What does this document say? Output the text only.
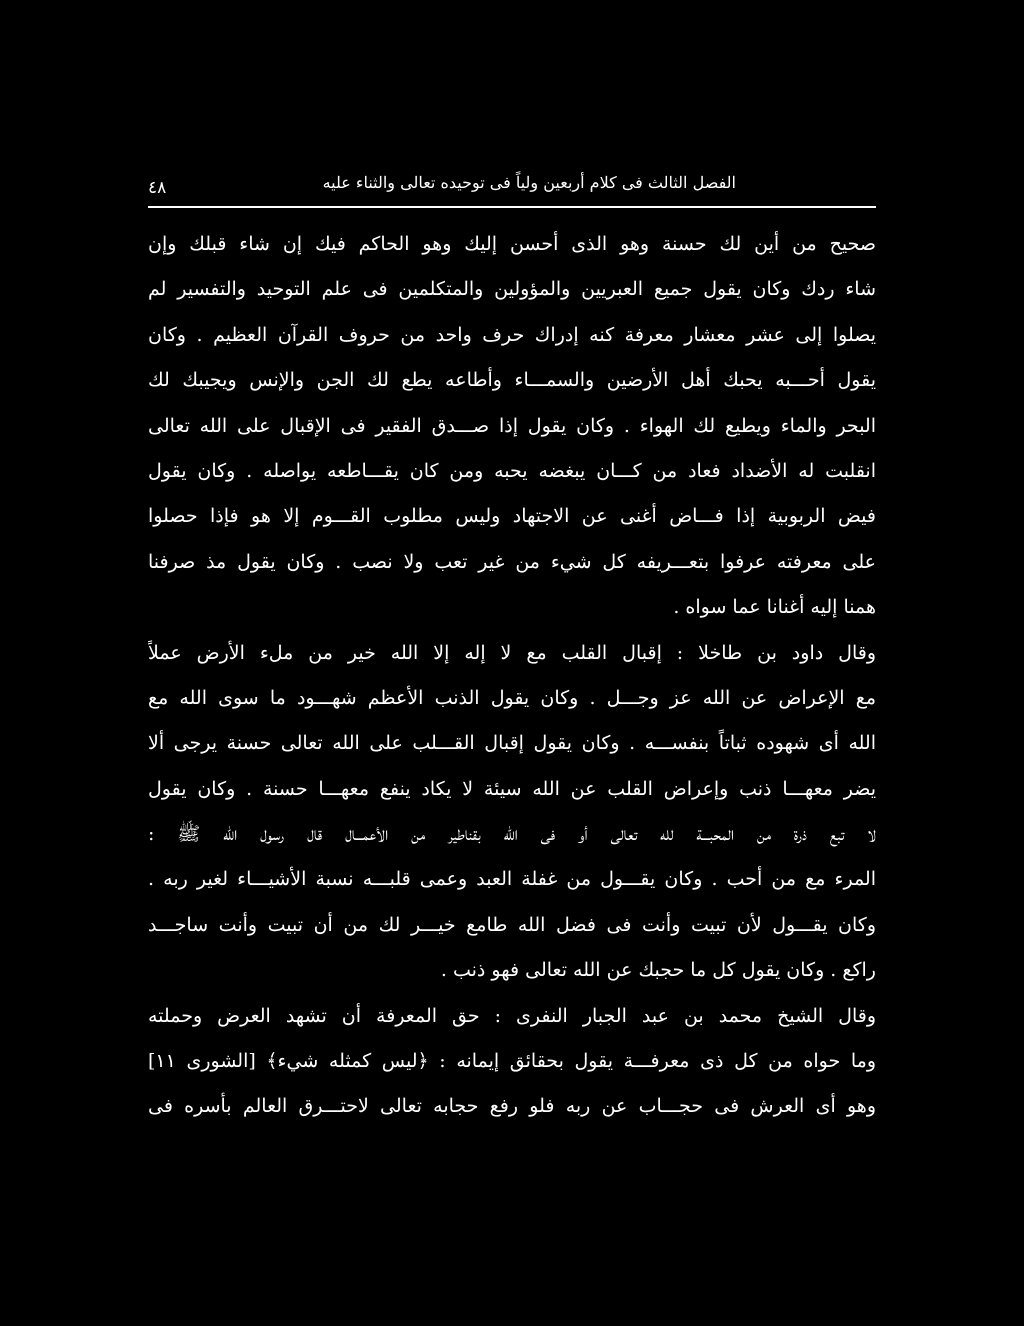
الفصل الثالث فى كلام أربعين ولياً فى توحيده تعالى والثناء عليه
٤٨
صحيح من أين لك حسنة وهو الذى أحسن إليك وهو الحاكم فيك إن شاء قبلك وإن
شاء ردك وكان يقول جميع العبريين والمؤولين والمتكلمين فى علم التوحيد والتفسير لم
يصلوا إلى عشر معشار معرفة كنه إدراك حرف واحد من حروف القرآن العظيم . وكان
يقول أحـــبه يحبك أهل الأرضين والسمـــاء وأطاعه يطع لك الجن والإنس ويجيبك لك
البحر والماء ويطيع لك الهواء . وكان يقول إذا صـــدق الفقير فى الإقبال على الله تعالى
انقلبت له الأضداد فعاد من كـــان يبغضه يحبه ومن كان يقـــاطعه يواصله . وكان يقول
فيض الربوبية إذا فـــاض أغنى عن الاجتهاد وليس مطلوب القـــوم إلا هو فإذا حصلوا
على معرفته عرفوا بتعـــريفه كل شيء من غير تعب ولا نصب . وكان يقول مذ صرفنا
همنا إليه أغنانا عما سواه .
وقال داود بن طاخلا : إقبال القلب مع لا إله إلا الله خير من ملء الأرض عملاً
مع الإعراض عن الله عز وجـــل . وكان يقول الذنب الأعظم شهـــود ما سوى الله مع
الله أى شهوده ثباتاً بنفســـه . وكان يقول إقبال القـــلب على الله تعالى حسنة يرجى ألا
يضر معهـــا ذنب وإعراض القلب عن الله سيئة لا يكاد ينفع معهـــا حسنة . وكان يقول
لا تبع ذرة من المحبـــة لله تعالى أو فى الله بقناطير من الأعمـــال قال رسول الله ﷺ :
المرء مع من أحب . وكان يقـــول من غفلة العبد وعمى قلبـــه نسبة الأشيـــاء لغير ربه .
وكان يقـــول لأن تبيت وأنت فى فضل الله طامع خيـــر لك من أن تبيت وأنت ساجـــد
راكع . وكان يقول كل ما حجبك عن الله تعالى فهو ذنب .
وقال الشيخ محمد بن عبد الجبار النفرى : حق المعرفة أن تشهد العرض وحملته
وما حواه من كل ذى معرفـــة يقول بحقائق إيمانه : ﴿ليس كمثله شيء﴾ [الشورى ١١]
وهو أى العرش فى حجـــاب عن ربه فلو رفع حجابه تعالى لاحتـــرق العالم بأسره فى
